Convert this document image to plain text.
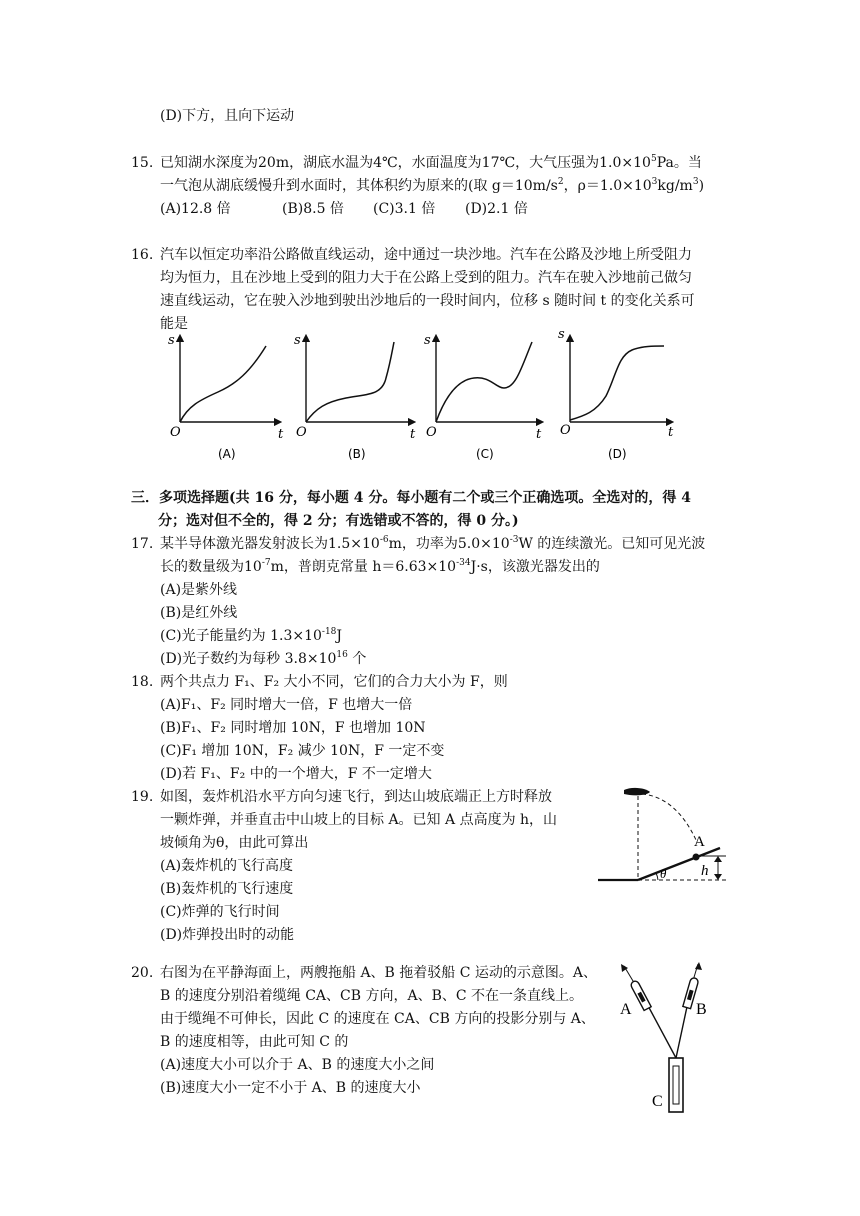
(D)下方，且向下运动
15. 已知湖水深度为20m，湖底水温为4℃，水面温度为17℃，大气压强为$1.0\times 10^5Pa$。当
一气泡从湖底缓慢升到水面时，其体积约为原来的(取 $g=10m/s^2$，$\rho=1.0\times 10^3kg/m^3$)
(A)12.8 倍	(B)8.5 倍 (C)3.1 倍 (D)2.1 倍
16. 汽车以恒定功率沿公路做直线运动，途中通过一块沙地。汽车在公路及沙地上所受阻力
均为恒力，且在沙地上受到的阻力大于在公路上受到的阻力。汽车在驶入沙地前己做匀
速直线运动，它在驶入沙地到驶出沙地后的一段时间内，位移 s 随时间 t 的变化关系可
能是
s
t
O
(A)
s
t
O
(B)
s
t
O
(C)
s
t
O
(D)
三．多项选择题(共 16 分，每小题 4 分。每小题有二个或三个正确选项。全选对的，得 4
分；选对但不全的，得 2 分；有选错或不答的，得 0 分。)
17. 某半导体激光器发射波长为$1.5\times 10^{-6}m$，功率为$5.0\times 10^{-3}W$ 的连续激光。已知可见光波
长的数量级为$10^{-7}m$，普朗克常量 $h=6.63\times 10^{-34}J\cdot s$，该激光器发出的
(A)是紫外线
(B)是红外线
(C)光子能量约为 $1.3\times 10^{-18}J$
(D)光子数约为每秒 $3.8\times 10^{16}$ 个
18. 两个共点力 F₁、F₂ 大小不同，它们的合力大小为 F，则
(A)F₁、F₂ 同时增大一倍，F 也增大一倍
(B)F₁、F₂ 同时增加 10N，F 也增加 10N
(C)F₁ 增加 10N，F₂ 减少 10N，F 一定不变
(D)若 F₁、F₂ 中的一个增大，F 不一定增大
19. 如图，轰炸机沿水平方向匀速飞行，到达山坡底端正上方时释放
一颗炸弹，并垂直击中山坡上的目标 A。已知 A 点高度为 h，山
坡倾角为θ，由此可算出
(A)轰炸机的飞行高度
(B)轰炸机的飞行速度
(C)炸弹的飞行时间
(D)炸弹投出时的动能
A
h
θ
20. 右图为在平静海面上，两艘拖船 A、B 拖着驳船 C 运动的示意图。A、
B 的速度分别沿着缆绳 CA、CB 方向，A、B、C 不在一条直线上。
由于缆绳不可伸长，因此 C 的速度在 CA、CB 方向的投影分别与 A、
B 的速度相等，由此可知 C 的
(A)速度大小可以介于 A、B 的速度大小之间
(B)速度大小一定不小于 A、B 的速度大小
A	B
C
